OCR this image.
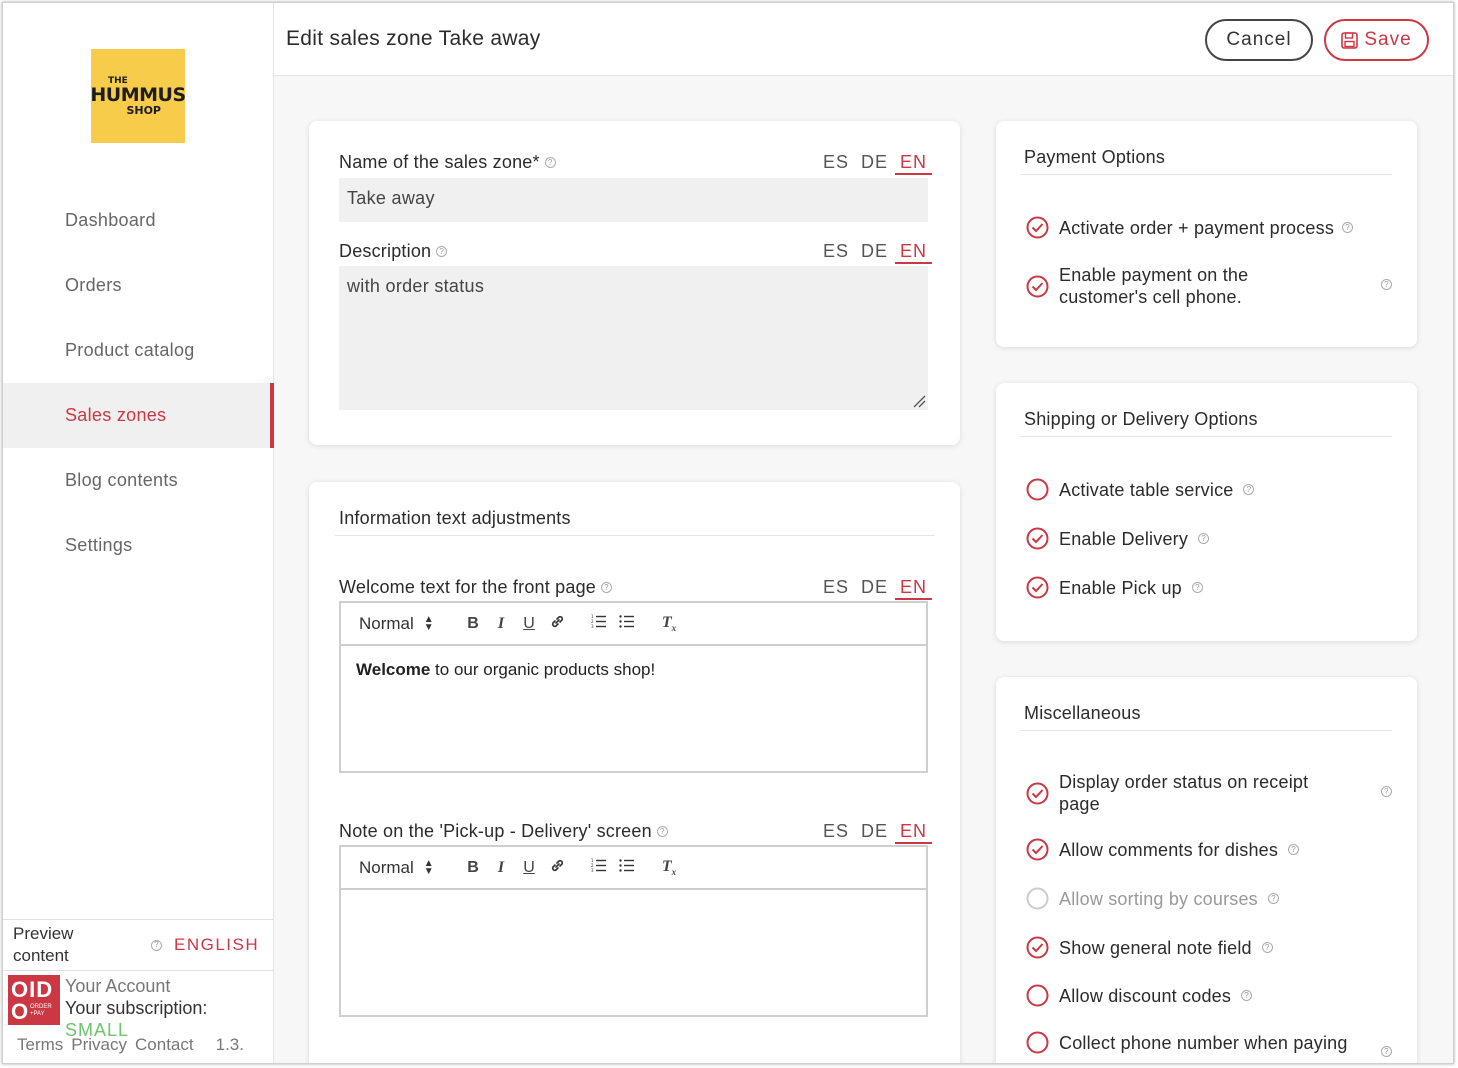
THE
HUMMUS
SHOP
Dashboard
Orders
Product catalog
Sales zones
Blog contents
Settings
Preview
content
? ENGLISH
OID
O ORDER
+PAY
Your Account
Your subscription:
SMALL
Terms Privacy Contact 1.3.
Edit sales zone Take away	Cancel	Save
Name of the sales zone*	?	ES DE EN
Take away
Description	?	ES DE EN
with order status
Information text adjustments
Welcome text for the front page	?	ES DE EN
Normal ▲
▼	B	I	U	1
2
3	$T_x$
Welcome to our organic products shop!
Note on the 'Pick-up - Delivery' screen	?	ES DE EN
Normal ▲
▼	B	I	U	1
2
3	$T_x$
Payment Options
Activate order + payment process	?
Enable payment on the customer's cell phone.
?
Shipping or Delivery Options
Activate table service	?
Enable Delivery	?
Enable Pick up	?
Miscellaneous
Display order status on receipt page
?
Allow comments for dishes	?
Allow sorting by courses	?
Show general note field	?
Allow discount codes	?
Collect phone number when paying	?
